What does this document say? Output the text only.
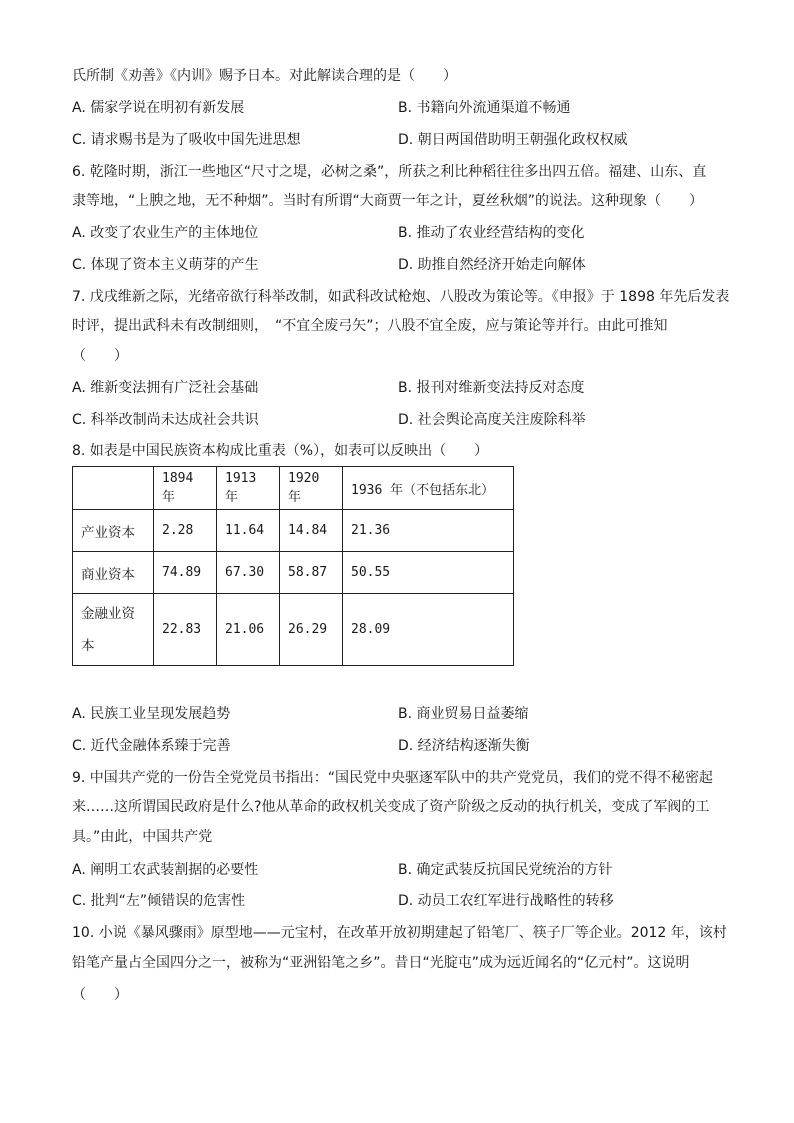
氏所制《劝善》《内训》赐予日本。对此解读合理的是（　　）
A. 儒家学说在明初有新发展	B. 书籍向外流通渠道不畅通
C. 请求赐书是为了吸收中国先进思想	D. 朝日两国借助明王朝强化政权权威
6. 乾隆时期，浙江一些地区“尺寸之堤，必树之桑”，所获之利比种稻往往多出四五倍。福建、山东、直
隶等地，“上腴之地，无不种烟”。当时有所谓“大商贾一年之计，夏丝秋烟”的说法。这种现象（　　）
A. 改变了农业生产的主体地位	B. 推动了农业经营结构的变化
C. 体现了资本主义萌芽的产生	D. 助推自然经济开始走向解体
7. 戊戌维新之际，光绪帝欲行科举改制，如武科改试枪炮、八股改为策论等。《申报》于 1898 年先后发表
时评，提出武科未有改制细则，　“不宜全废弓矢”；八股不宜全废，应与策论等并行。由此可推知
（　　）
A. 维新变法拥有广泛社会基础	B. 报刊对维新变法持反对态度
C. 科举改制尚未达成社会共识	D. 社会舆论高度关注废除科举
8. 如表是中国民族资本构成比重表（%），如表可以反映出（　　）
	1894 年	1913 年	1920 年	1936 年（不包括东北）
产业资本	2.28	11.64	14.84	21.36
商业资本	74.89	67.30	58.87	50.55
金融业资
本	22.83	21.06	26.29	28.09
A. 民族工业呈现发展趋势	B. 商业贸易日益萎缩
C. 近代金融体系臻于完善	D. 经济结构逐渐失衡
9. 中国共产党的一份告全党党员书指出：“国民党中央驱逐军队中的共产党党员，我们的党不得不秘密起
来……这所谓国民政府是什么?他从革命的政权机关变成了资产阶级之反动的执行机关，变成了军阀的工
具。”由此，中国共产党
A. 阐明工农武装割据的必要性	B. 确定武装反抗国民党统治的方针
C. 批判“左”倾错误的危害性	D. 动员工农红军进行战略性的转移
10. 小说《暴风骤雨》原型地——元宝村，在改革开放初期建起了铅笔厂、筷子厂等企业。2012 年，该村
铅笔产量占全国四分之一，被称为“亚洲铅笔之乡”。昔日“光腚屯”成为远近闻名的“亿元村”。这说明
（　　）
